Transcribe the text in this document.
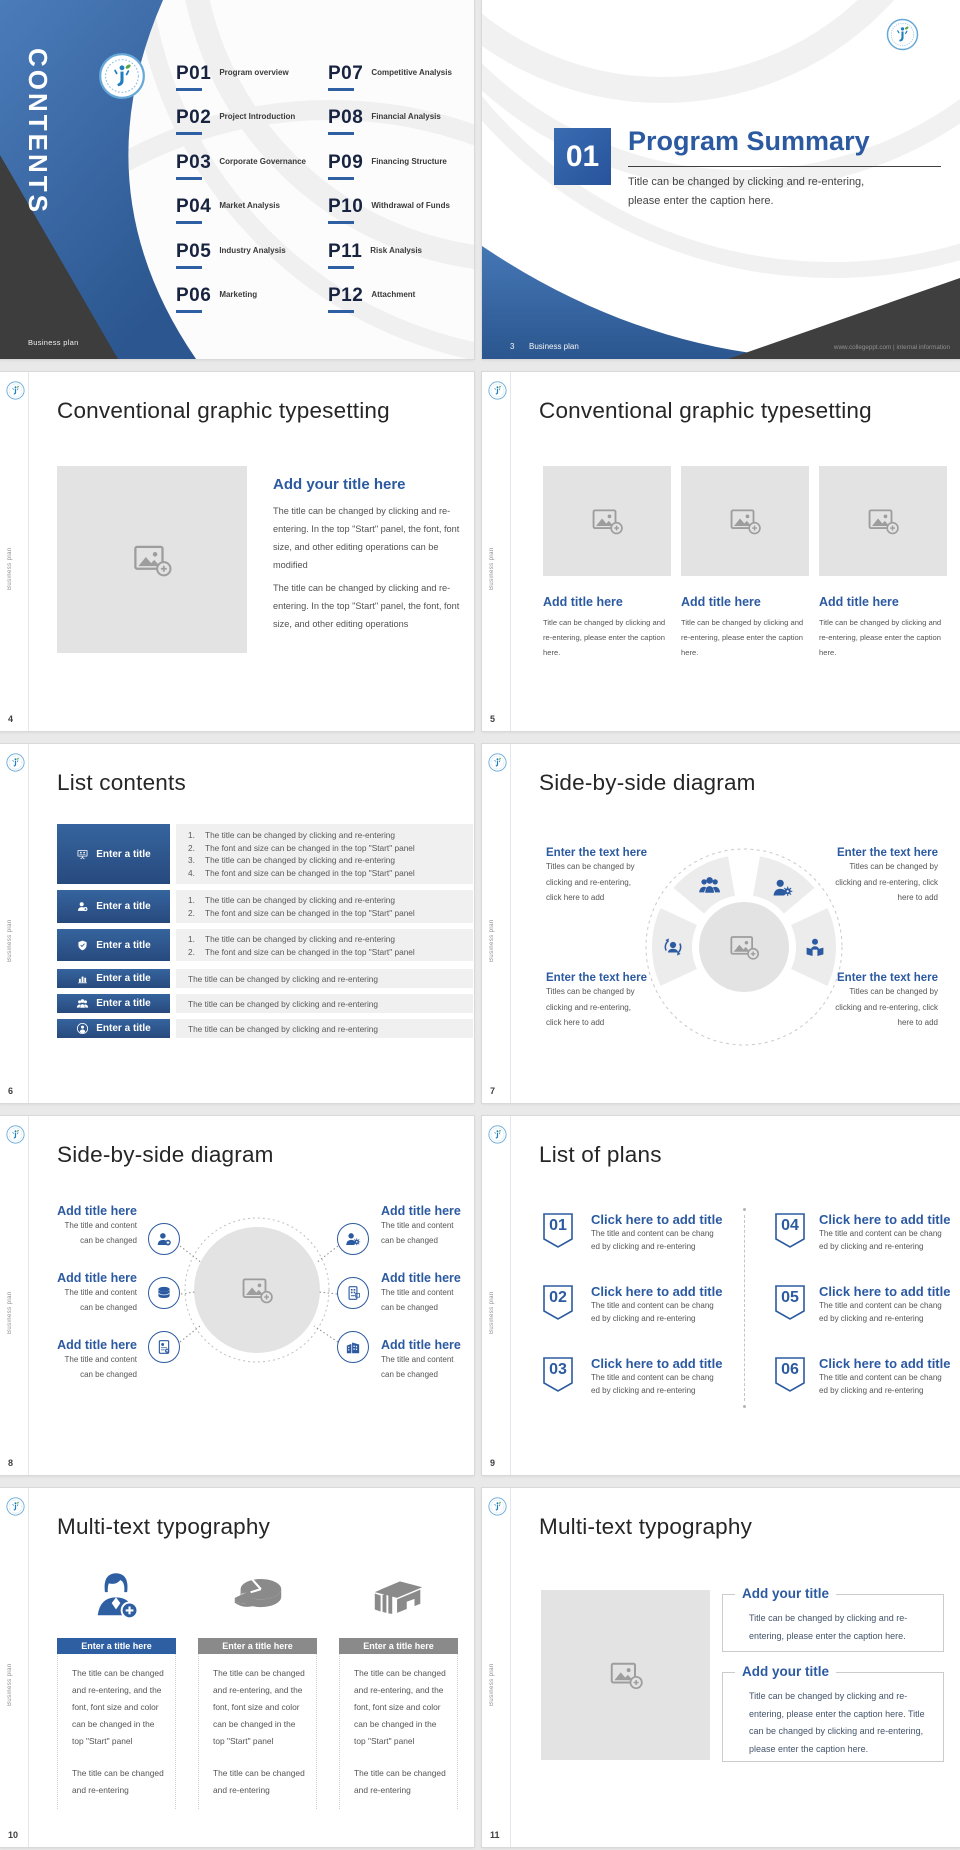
CONTENTS	P01 Program overview
P02 Project Introduction
P03 Corporate Governance
P04 Market Analysis
P05 Industry Analysis
P06 Marketing
P07 Competitive Analysis
P08 Financial Analysis
P09 Financing Structure
P10 Withdrawal of Funds
P11 Risk Analysis
P12 Attachment
Business plan
01	Program Summary
Title can be changed by clicking and re-entering,
please enter the caption here.
3 Business plan	www.collegeppt.com | internal information
Business plan
Conventional graphic typesetting
Add your title here
The title can be changed by clicking and re-entering. In the top "Start" panel, the font, font size, and other editing operations can be modified
The title can be changed by clicking and re-entering. In the top "Start" panel, the font, font size, and other editing operations
4
Business plan
Conventional graphic typesetting
Add title here
Title can be changed by clicking and re-entering, please enter the caption here.
Add title here
Title can be changed by clicking and re-entering, please enter the caption here.
Add title here
Title can be changed by clicking and re-entering, please enter the caption here.
5
Business plan
List contents
Enter a title
1.	The title can be changed by clicking and re-entering
2.	The font and size can be changed in the top "Start" panel
3.	The title can be changed by clicking and re-entering
4.	The font and size can be changed in the top "Start" panel
Enter a title
1.	The title can be changed by clicking and re-entering
2.	The font and size can be changed in the top "Start" panel
Enter a title
1.	The title can be changed by clicking and re-entering
2.	The font and size can be changed in the top "Start" panel
Enter a title	The title can be changed by clicking and re-entering
Enter a title	The title can be changed by clicking and re-entering
Enter a title	The title can be changed by clicking and re-entering
6
Business plan
Side-by-side diagram
Enter the text here
Titles can be changed by
clicking and re-entering,
click here to add
Enter the text here
Titles can be changed by
clicking and re-entering, click
here to add
Enter the text here
Titles can be changed by
clicking and re-entering,
click here to add
Enter the text here
Titles can be changed by
clicking and re-entering, click
here to add
7
Business plan
Side-by-side diagram
Add title here
The title and content
can be changed
Add title here
The title and content
can be changed
Add title here
The title and content
can be changed
Add title here
The title and content
can be changed
Add title here
The title and content
can be changed
Add title here
The title and content
can be changed
8
Business plan
List of plans
01	Click here to add title
The title and content can be chang
ed by clicking and re-entering
02	Click here to add title
The title and content can be chang
ed by clicking and re-entering
03	Click here to add title
The title and content can be chang
ed by clicking and re-entering
04	Click here to add title
The title and content can be chang
ed by clicking and re-entering
05	Click here to add title
The title and content can be chang
ed by clicking and re-entering
06	Click here to add title
The title and content can be chang
ed by clicking and re-entering
9
Business plan
Multi-text typography
Enter a title here
The title can be changed
and re-entering, and the
font, font size and color
can be changed in the
top "Start" panel
The title can be changed
and re-entering
Enter a title here
The title can be changed
and re-entering, and the
font, font size and color
can be changed in the
top "Start" panel
The title can be changed
and re-entering
Enter a title here
The title can be changed
and re-entering, and the
font, font size and color
can be changed in the
top "Start" panel
The title can be changed
and re-entering
10
Business plan
Multi-text typography
Add your title
Title can be changed by clicking and re-entering, please enter the caption here.
Add your title
Title can be changed by clicking and re-entering, please enter the caption here. Title can be changed by clicking and re-entering, please enter the caption here.
11
